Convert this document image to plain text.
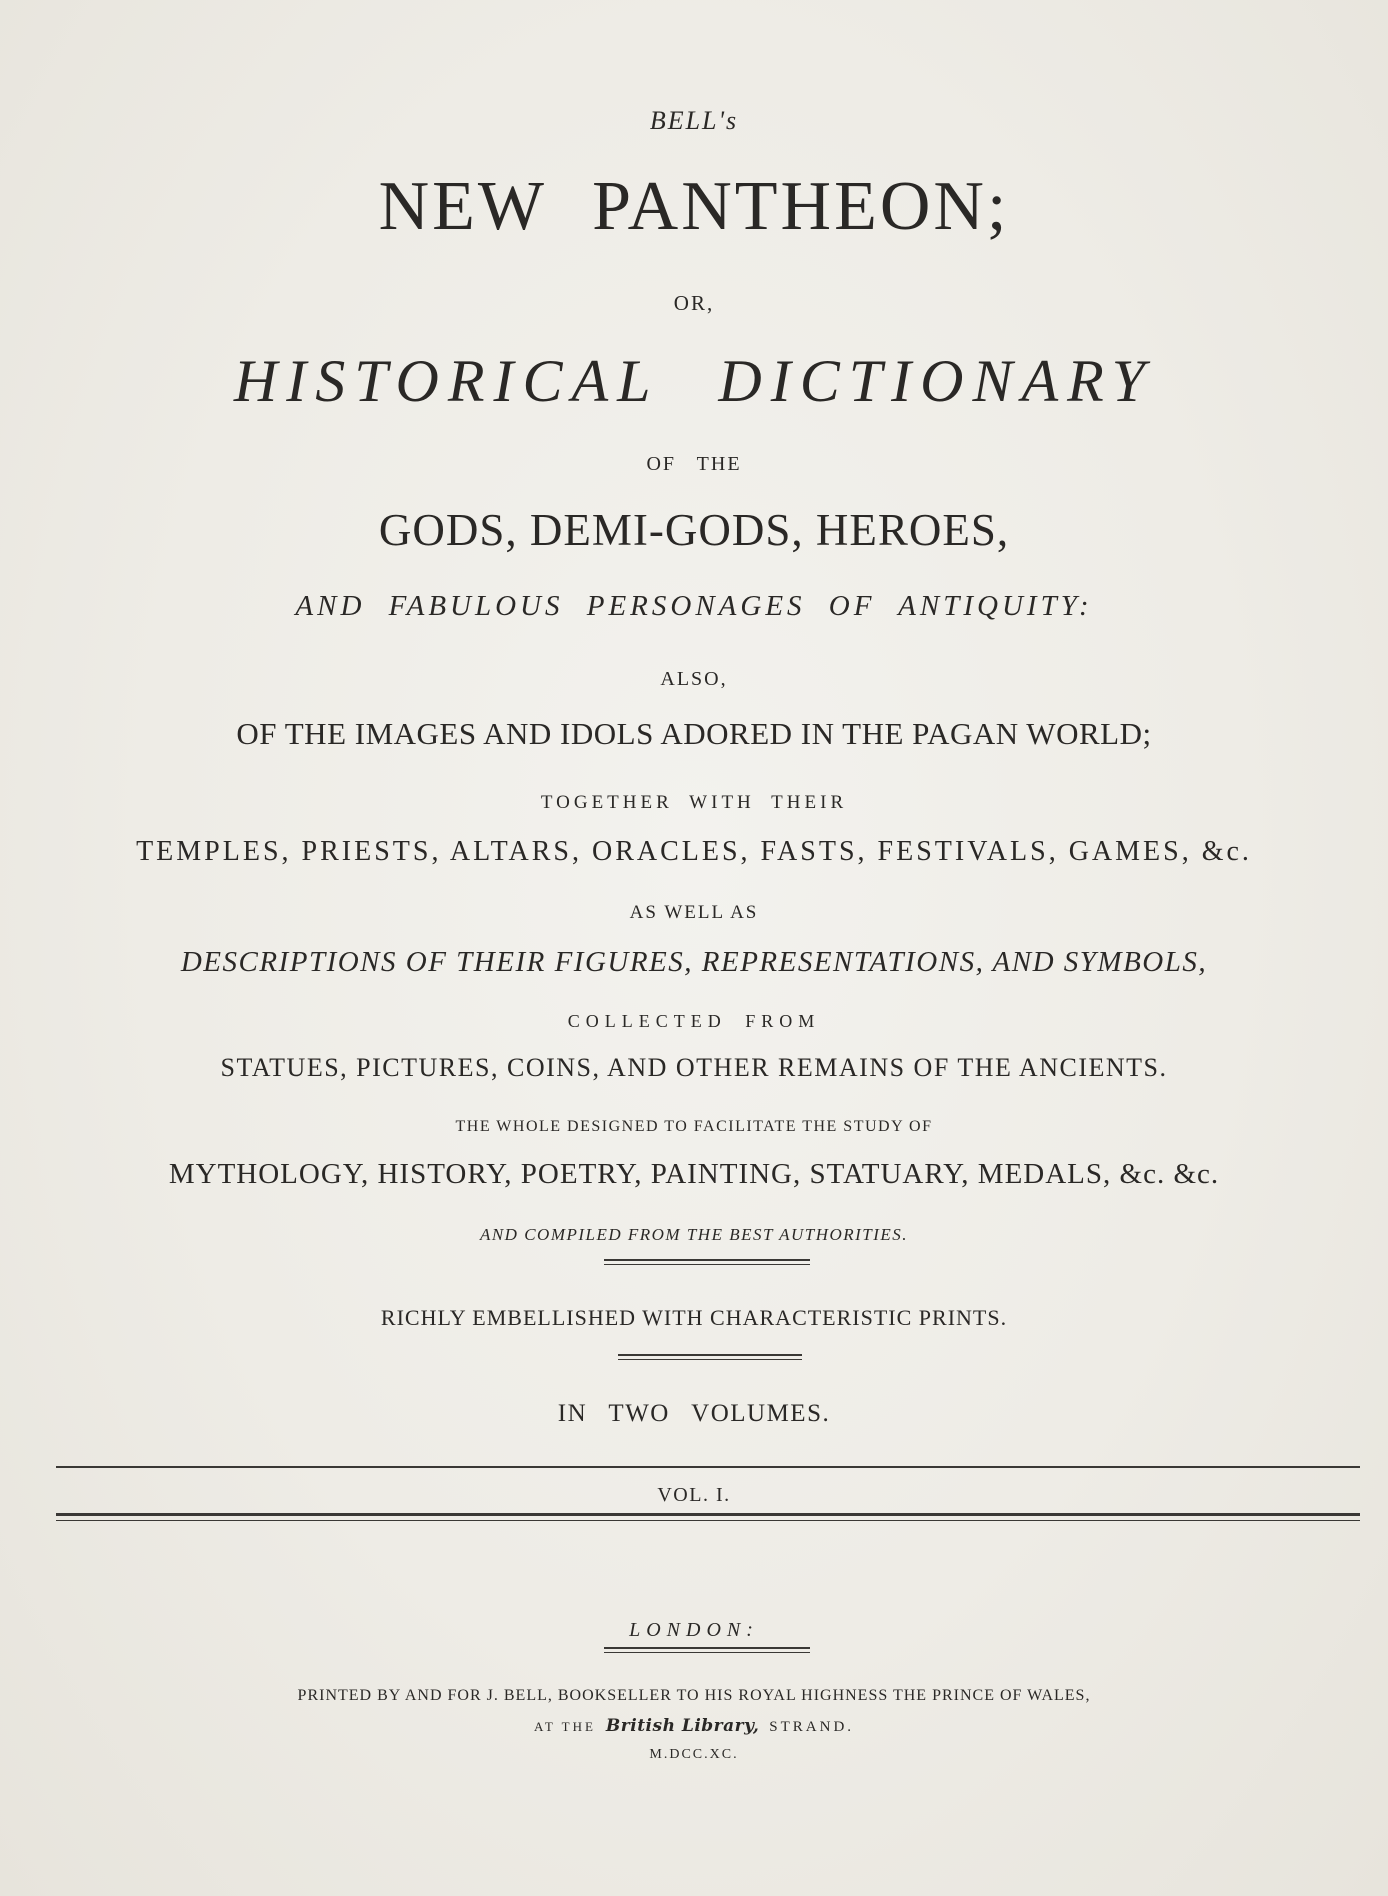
BELL's
NEW PANTHEON;
OR,
HISTORICAL DICTIONARY
OF THE
GODS, DEMI-GODS, HEROES,
AND FABULOUS PERSONAGES OF ANTIQUITY:
ALSO,
OF THE IMAGES AND IDOLS ADORED IN THE PAGAN WORLD;
TOGETHER WITH THEIR
TEMPLES, PRIESTS, ALTARS, ORACLES, FASTS, FESTIVALS, GAMES, &c.
AS WELL AS
DESCRIPTIONS OF THEIR FIGURES, REPRESENTATIONS, AND SYMBOLS,
COLLECTED FROM
STATUES, PICTURES, COINS, AND OTHER REMAINS OF THE ANCIENTS.
THE WHOLE DESIGNED TO FACILITATE THE STUDY OF
MYTHOLOGY, HISTORY, POETRY, PAINTING, STATUARY, MEDALS, &c. &c.
AND COMPILED FROM THE BEST AUTHORITIES.
RICHLY EMBELLISHED WITH CHARACTERISTIC PRINTS.
IN TWO VOLUMES.
VOL. I.
LONDON:
PRINTED BY AND FOR J. BELL, BOOKSELLER TO HIS ROYAL HIGHNESS THE PRINCE OF WALES,
AT THE British Library, STRAND.
M.DCC.XC.
